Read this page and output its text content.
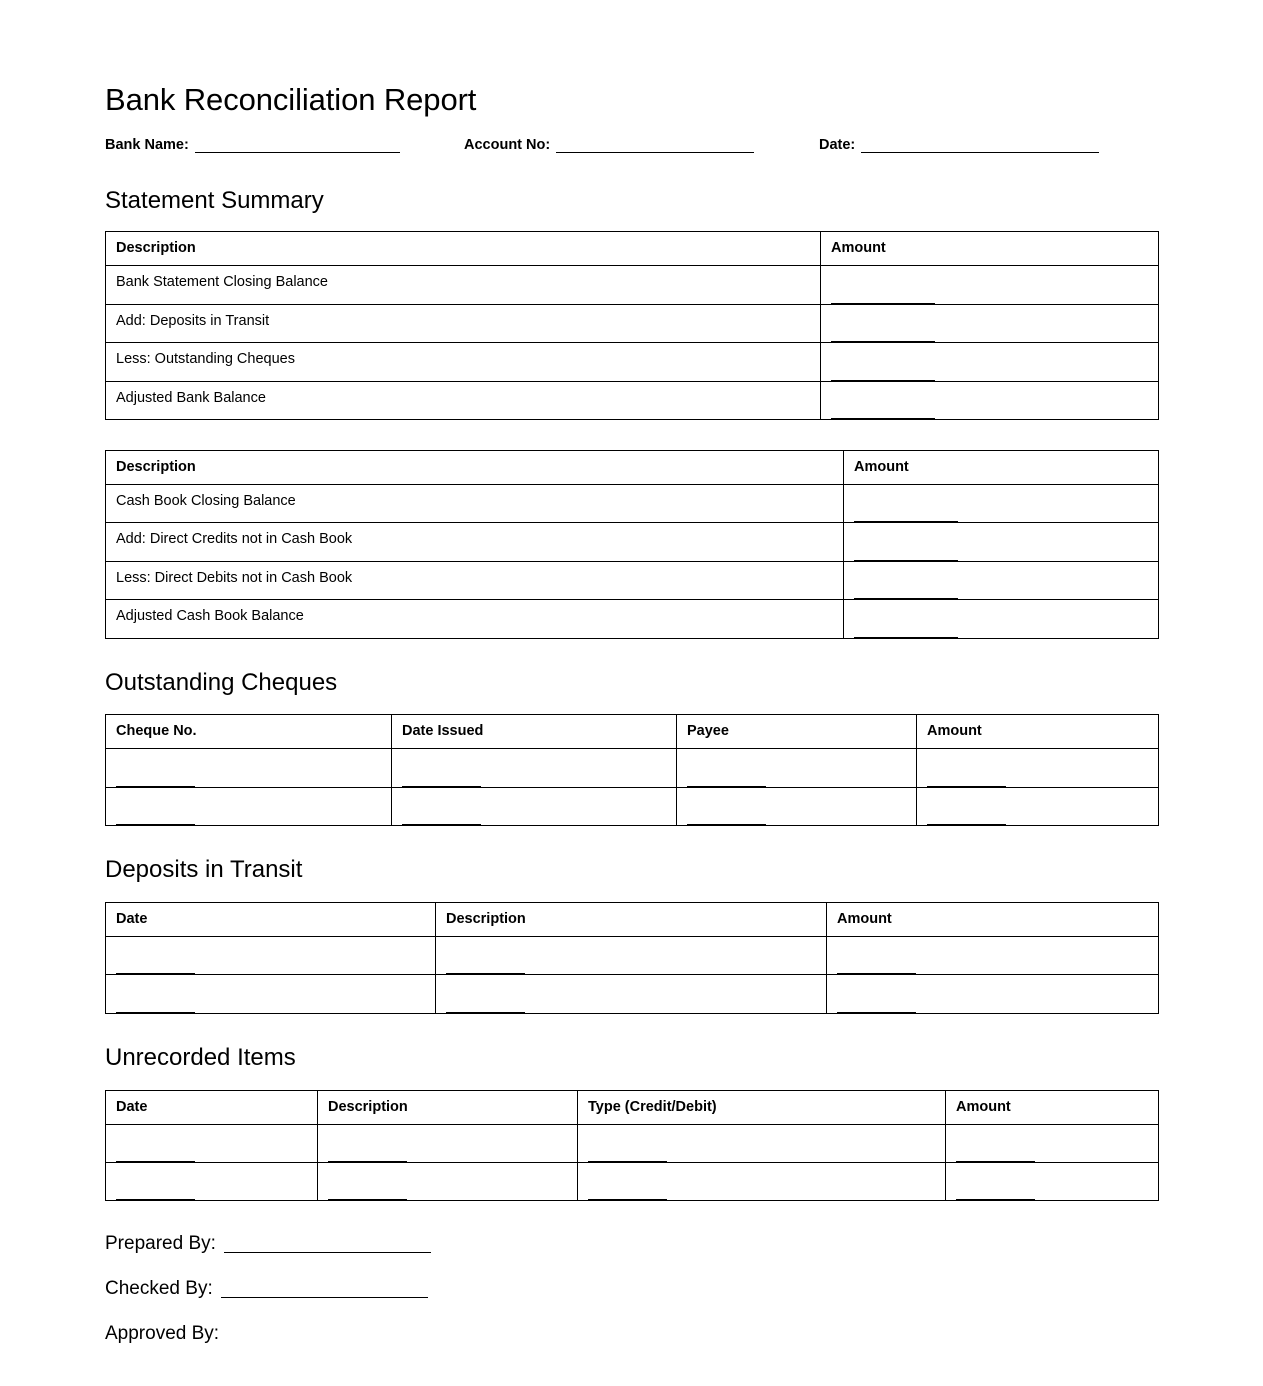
Bank Reconciliation Report
Bank Name:	Account No:	Date:
Statement Summary
Description	Amount

Bank Statement Closing Balance	

Add: Deposits in Transit	

Less: Outstanding Cheques	

Adjusted Bank Balance	

Description	Amount

Cash Book Closing Balance	

Add: Direct Credits not in Cash Book	

Less: Direct Debits not in Cash Book	

Adjusted Cash Book Balance	

Outstanding Cheques
Cheque No.	Date Issued	Payee	Amount

Deposits in Transit
Date	Description	Amount

Unrecorded Items
Date	Description	Type (Credit/Debit)	Amount

Prepared By:
Checked By:
Approved By:
